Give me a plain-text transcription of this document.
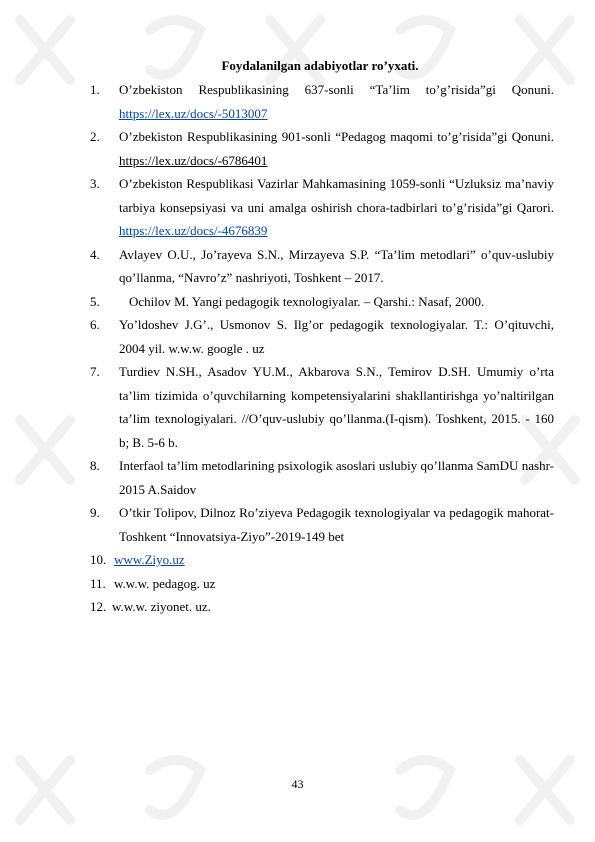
Foydalanilgan adabiyotlar ro’yxati.
1. O’zbekiston Respublikasining 637-sonli “Ta’lim to’g’risida”gi Qonuni. https://lex.uz/docs/-5013007
2. O’zbekiston Respublikasining 901-sonli “Pedagog maqomi to’g’risida”gi Qonuni. https://lex.uz/docs/-6786401
3. O’zbekiston Respublikasi Vazirlar Mahkamasining 1059-sonli “Uzluksiz ma’naviy tarbiya konsepsiyasi va uni amalga oshirish chora-tadbirlari to’g’risida”gi Qarori. https://lex.uz/docs/-4676839
4. Avlayev O.U., Jo’rayeva S.N., Mirzayeva S.P. “Ta’lim metodlari” o’quv-uslubiy qo’llanma, “Navro’z” nashriyoti, Toshkent – 2017.
5.	Ochilov M. Yangi pedagogik texnologiyalar. – Qarshi.: Nasaf, 2000.
6. Yo’ldoshev J.G’., Usmonov S. Ilg’or pedagogik texnologiyalar. T.: O’qituvchi, 2004 yil. w.w.w. google . uz
7. Turdiev N.SH., Asadov YU.M., Akbarova S.N., Temirov D.SH. Umumiy o’rta ta’lim tizimida o’quvchilarning kompetensiyalarini shakllantirishga yo’naltirilgan ta’lim texnologiyalari. //O’quv-uslubiy qo’llanma.(I-qism). Toshkent, 2015. - 160 b; B. 5-6 b.
8. Interfaol ta’lim metodlarining psixologik asoslari uslubiy qo’llanma SamDU nashr-2015 A.Saidov
9. O’tkir Tolipov, Dilnoz Ro’ziyeva Pedagogik texnologiyalar va pedagogik mahorat-Toshkent “Innovatsiya-Ziyo”-2019-149 bet
10. www.Ziyo.uz
11. w.w.w. pedagog. uz
12. w.w.w. ziyonet. uz.
43
